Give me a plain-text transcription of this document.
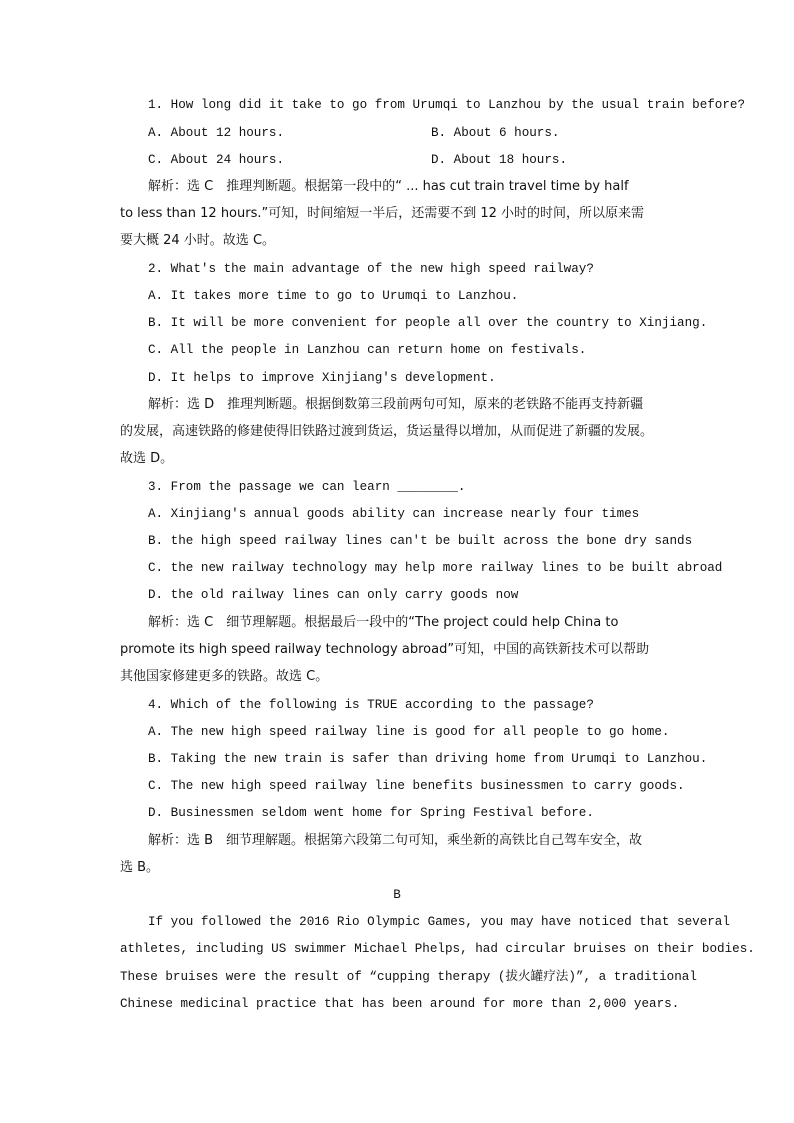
1. How long did it take to go from Urumqi to Lanzhou by the usual train before?
A. About 12 hours.	B. About 6 hours.
C. About 24 hours.	D. About 18 hours.
解析：选 C　推理判断题。根据第一段中的“ ... has cut train travel time by half
to less than 12 hours.”可知，时间缩短一半后，还需要不到 12 小时的时间，所以原来需
要大概 24 小时。故选 C。
2. What's the main advantage of the new high speed railway?
A. It takes more time to go to Urumqi to Lanzhou.
B. It will be more convenient for people all over the country to Xinjiang.
C. All the people in Lanzhou can return home on festivals.
D. It helps to improve Xinjiang's development.
解析：选 D　推理判断题。根据倒数第三段前两句可知，原来的老铁路不能再支持新疆
的发展，高速铁路的修建使得旧铁路过渡到货运，货运量得以增加，从而促进了新疆的发展。
故选 D。
3. From the passage we can learn ________.
A. Xinjiang's annual goods ability can increase nearly four times
B. the high speed railway lines can't be built across the bone dry sands
C. the new railway technology may help more railway lines to be built abroad
D. the old railway lines can only carry goods now
解析：选 C　细节理解题。根据最后一段中的“The project could help China to
promote its high speed railway technology abroad”可知，中国的高铁新技术可以帮助
其他国家修建更多的铁路。故选 C。
4. Which of the following is TRUE according to the passage?
A. The new high speed railway line is good for all people to go home.
B. Taking the new train is safer than driving home from Urumqi to Lanzhou.
C. The new high speed railway line benefits businessmen to carry goods.
D. Businessmen seldom went home for Spring Festival before.
解析：选 B　细节理解题。根据第六段第二句可知，乘坐新的高铁比自己驾车安全，故
选 B。
B
If you followed the 2016 Rio Olympic Games, you may have noticed that several
athletes, including US swimmer Michael Phelps, had circular bruises on their bodies.
These bruises were the result of “cupping therapy (拔火罐疗法)”, a traditional
Chinese medicinal practice that has been around for more than 2,000 years.
